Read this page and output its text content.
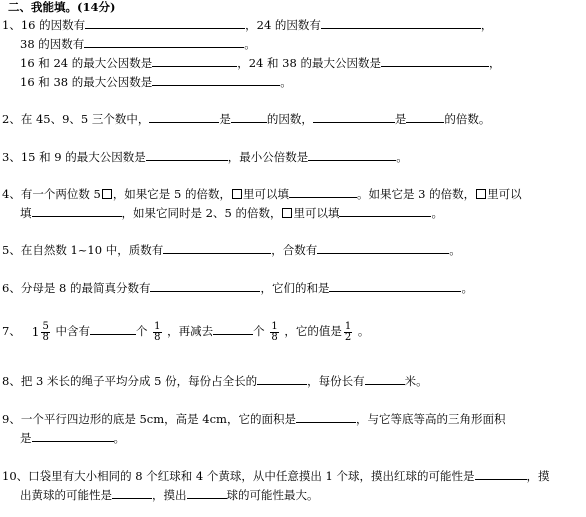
二、我能填。(14分)
1、16 的因数有	，24 的因数有	，
38 的因数有	。
16 和 24 的最大公因数是	，24 和 38 的最大公因数是	，
16 和 38 的最大公因数是	。
2、在 45、9、5 三个数中，	是	的因数，	是	的倍数。
3、15 和 9 的最大公因数是	，最小公倍数是	。
4、有一个两位数 5 ，如果它是 5 的倍数， 里可以填	。如果它是 3 的倍数， 里可以
填	，如果它同时是 2、5 的倍数， 里可以填	。
5、在自然数 1~10 中，质数有	，合数有	。
6、分母是 8 的最简真分数有	，它们的和是	。
7、 $1 \frac{5}{8}$ 中含有	个 $\frac{1}{8}$ ，再减去	个 $\frac{1}{8}$ ，它的值是 $\frac{1}{2}$ 。
8、把 3 米长的绳子平均分成 5 份，每份占全长的	，每份长有	米。
9、一个平行四边形的底是 5cm，高是 4cm，它的面积是	，与它等底等高的三角形面积
是	。
10、口袋里有大小相同的 8 个红球和 4 个黄球，从中任意摸出 1 个球，摸出红球的可能性是	，摸
出黄球的可能性是	，摸出	球的可能性最大。
